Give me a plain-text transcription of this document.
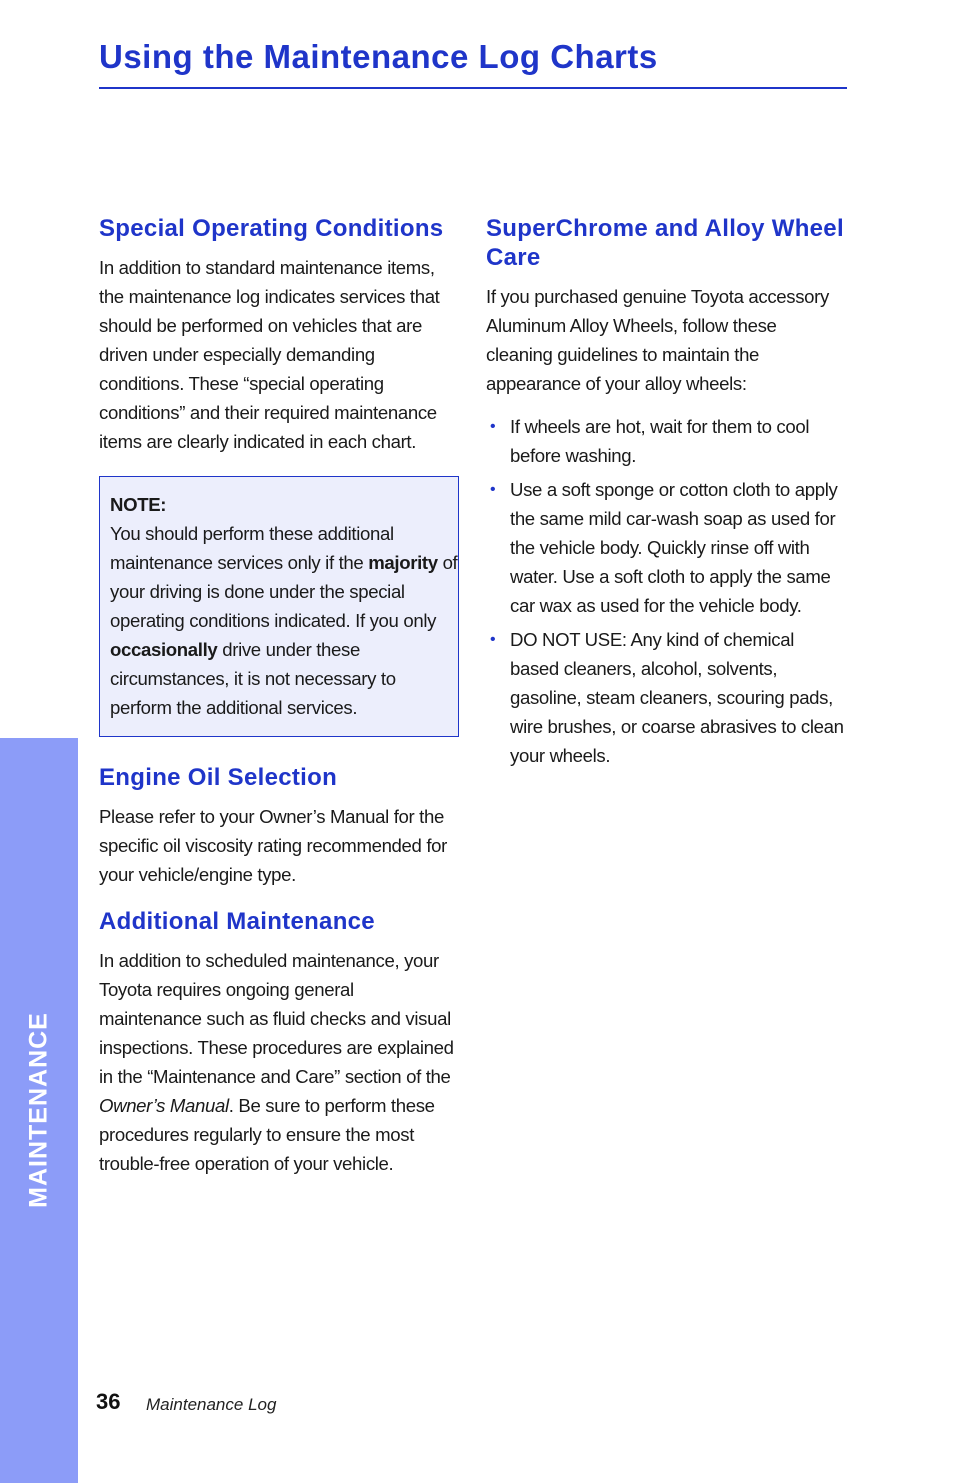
MAINTENANCE
Using the Maintenance Log Charts
Special Operating Conditions

In addition to standard maintenance items, the maintenance log indicates services that should be performed on vehicles that are driven under especially demanding conditions. These “special operating conditions” and their required maintenance items are clearly indicated in each chart.

NOTE:

You should perform these additional maintenance services only if the majority of your driving is done under the special operating conditions indicated. If you only occasionally drive under these circumstances, it is not necessary to perform the additional services.

Engine Oil Selection

Please refer to your Owner’s Manual for the specific oil viscosity rating recommended for your vehicle/engine type.

Additional Maintenance

In addition to scheduled maintenance, your Toyota requires ongoing general maintenance such as fluid checks and visual inspections. These procedures are explained in the “Maintenance and Care” section of the Owner’s Manual. Be sure to perform these procedures regularly to ensure the most trouble-free operation of your vehicle.

SuperChrome and Alloy Wheel Care

If you purchased genuine Toyota accessory Aluminum Alloy Wheels, follow these cleaning guidelines to maintain the appearance of your alloy wheels:

• If wheels are hot, wait for them to cool before washing.
• Use a soft sponge or cotton cloth to apply the same mild car-wash soap as used for the vehicle body. Quickly rinse off with water. Use a soft cloth to apply the same car wax as used for the vehicle body.
• DO NOT USE: Any kind of chemical based cleaners, alcohol, solvents, gasoline, steam cleaners, scouring pads, wire brushes, or coarse abrasives to clean your wheels.
36 Maintenance Log
